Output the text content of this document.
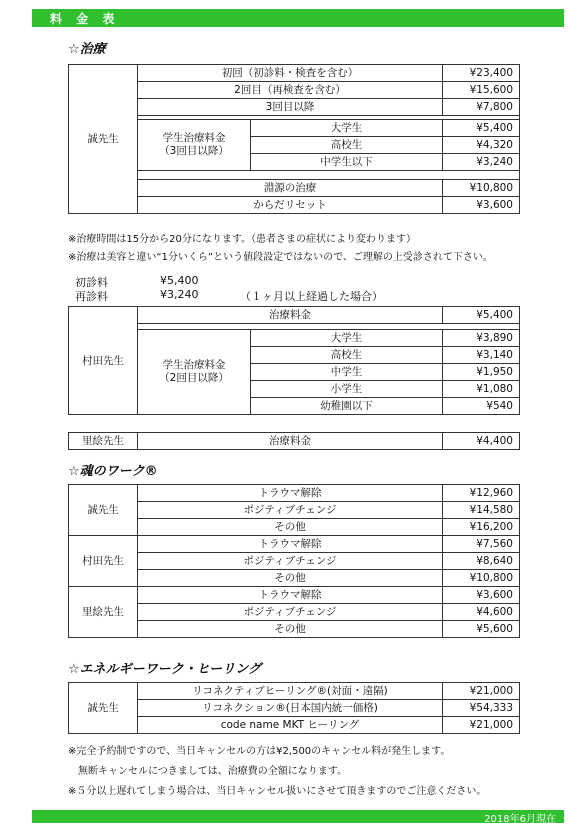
料 金 表
☆治療
誠先生	初回（初診料・検査を含む）		¥23,400
	2回目（再検査を含む）		¥15,600
	3回目以降		¥7,800

	学生治療料金
（3回目以降）	大学生	¥5,400
		高校生	¥4,320
		中学生以下	¥3,240

	淵源の治療		¥10,800
	からだリセット		¥3,600
※治療時間は15分から20分になります。（患者さまの症状により変わります）
※治療は美容と違い“1分いくら”という値段設定ではないので、ご理解の上受診されて下さい。
初診料	¥5,400
再診料	¥3,240	（１ヶ月以上経過した場合）
村田先生	治療料金		¥5,400

	学生治療料金
（2回目以降）	大学生	¥3,890
		高校生	¥3,140
		中学生	¥1,950
		小学生	¥1,080
		幼稚園以下	¥540
里絵先生	治療料金	¥4,400
☆魂のワーク®
誠先生	トラウマ解除	¥12,960
	ポジティブチェンジ	¥14,580
	その他	¥16,200
村田先生	トラウマ解除	¥7,560
	ポジティブチェンジ	¥8,640
	その他	¥10,800
里絵先生	トラウマ解除	¥3,600
	ポジティブチェンジ	¥4,600
	その他	¥5,600
☆エネルギーワーク・ヒーリング
誠先生	リコネクティブヒーリング®(対面・遠隔)	¥21,000
	リコネクション®(日本国内統一価格)	¥54,333
	code name MKT ヒーリング	¥21,000
※完全予約制ですので、当日キャンセルの方は¥2,500のキャンセル料が発生します。
無断キャンセルにつきましては、治療費の全額になります。
※５分以上遅れてしまう場合は、当日キャンセル扱いにさせて頂きますのでご注意ください。
2018年6月現在
